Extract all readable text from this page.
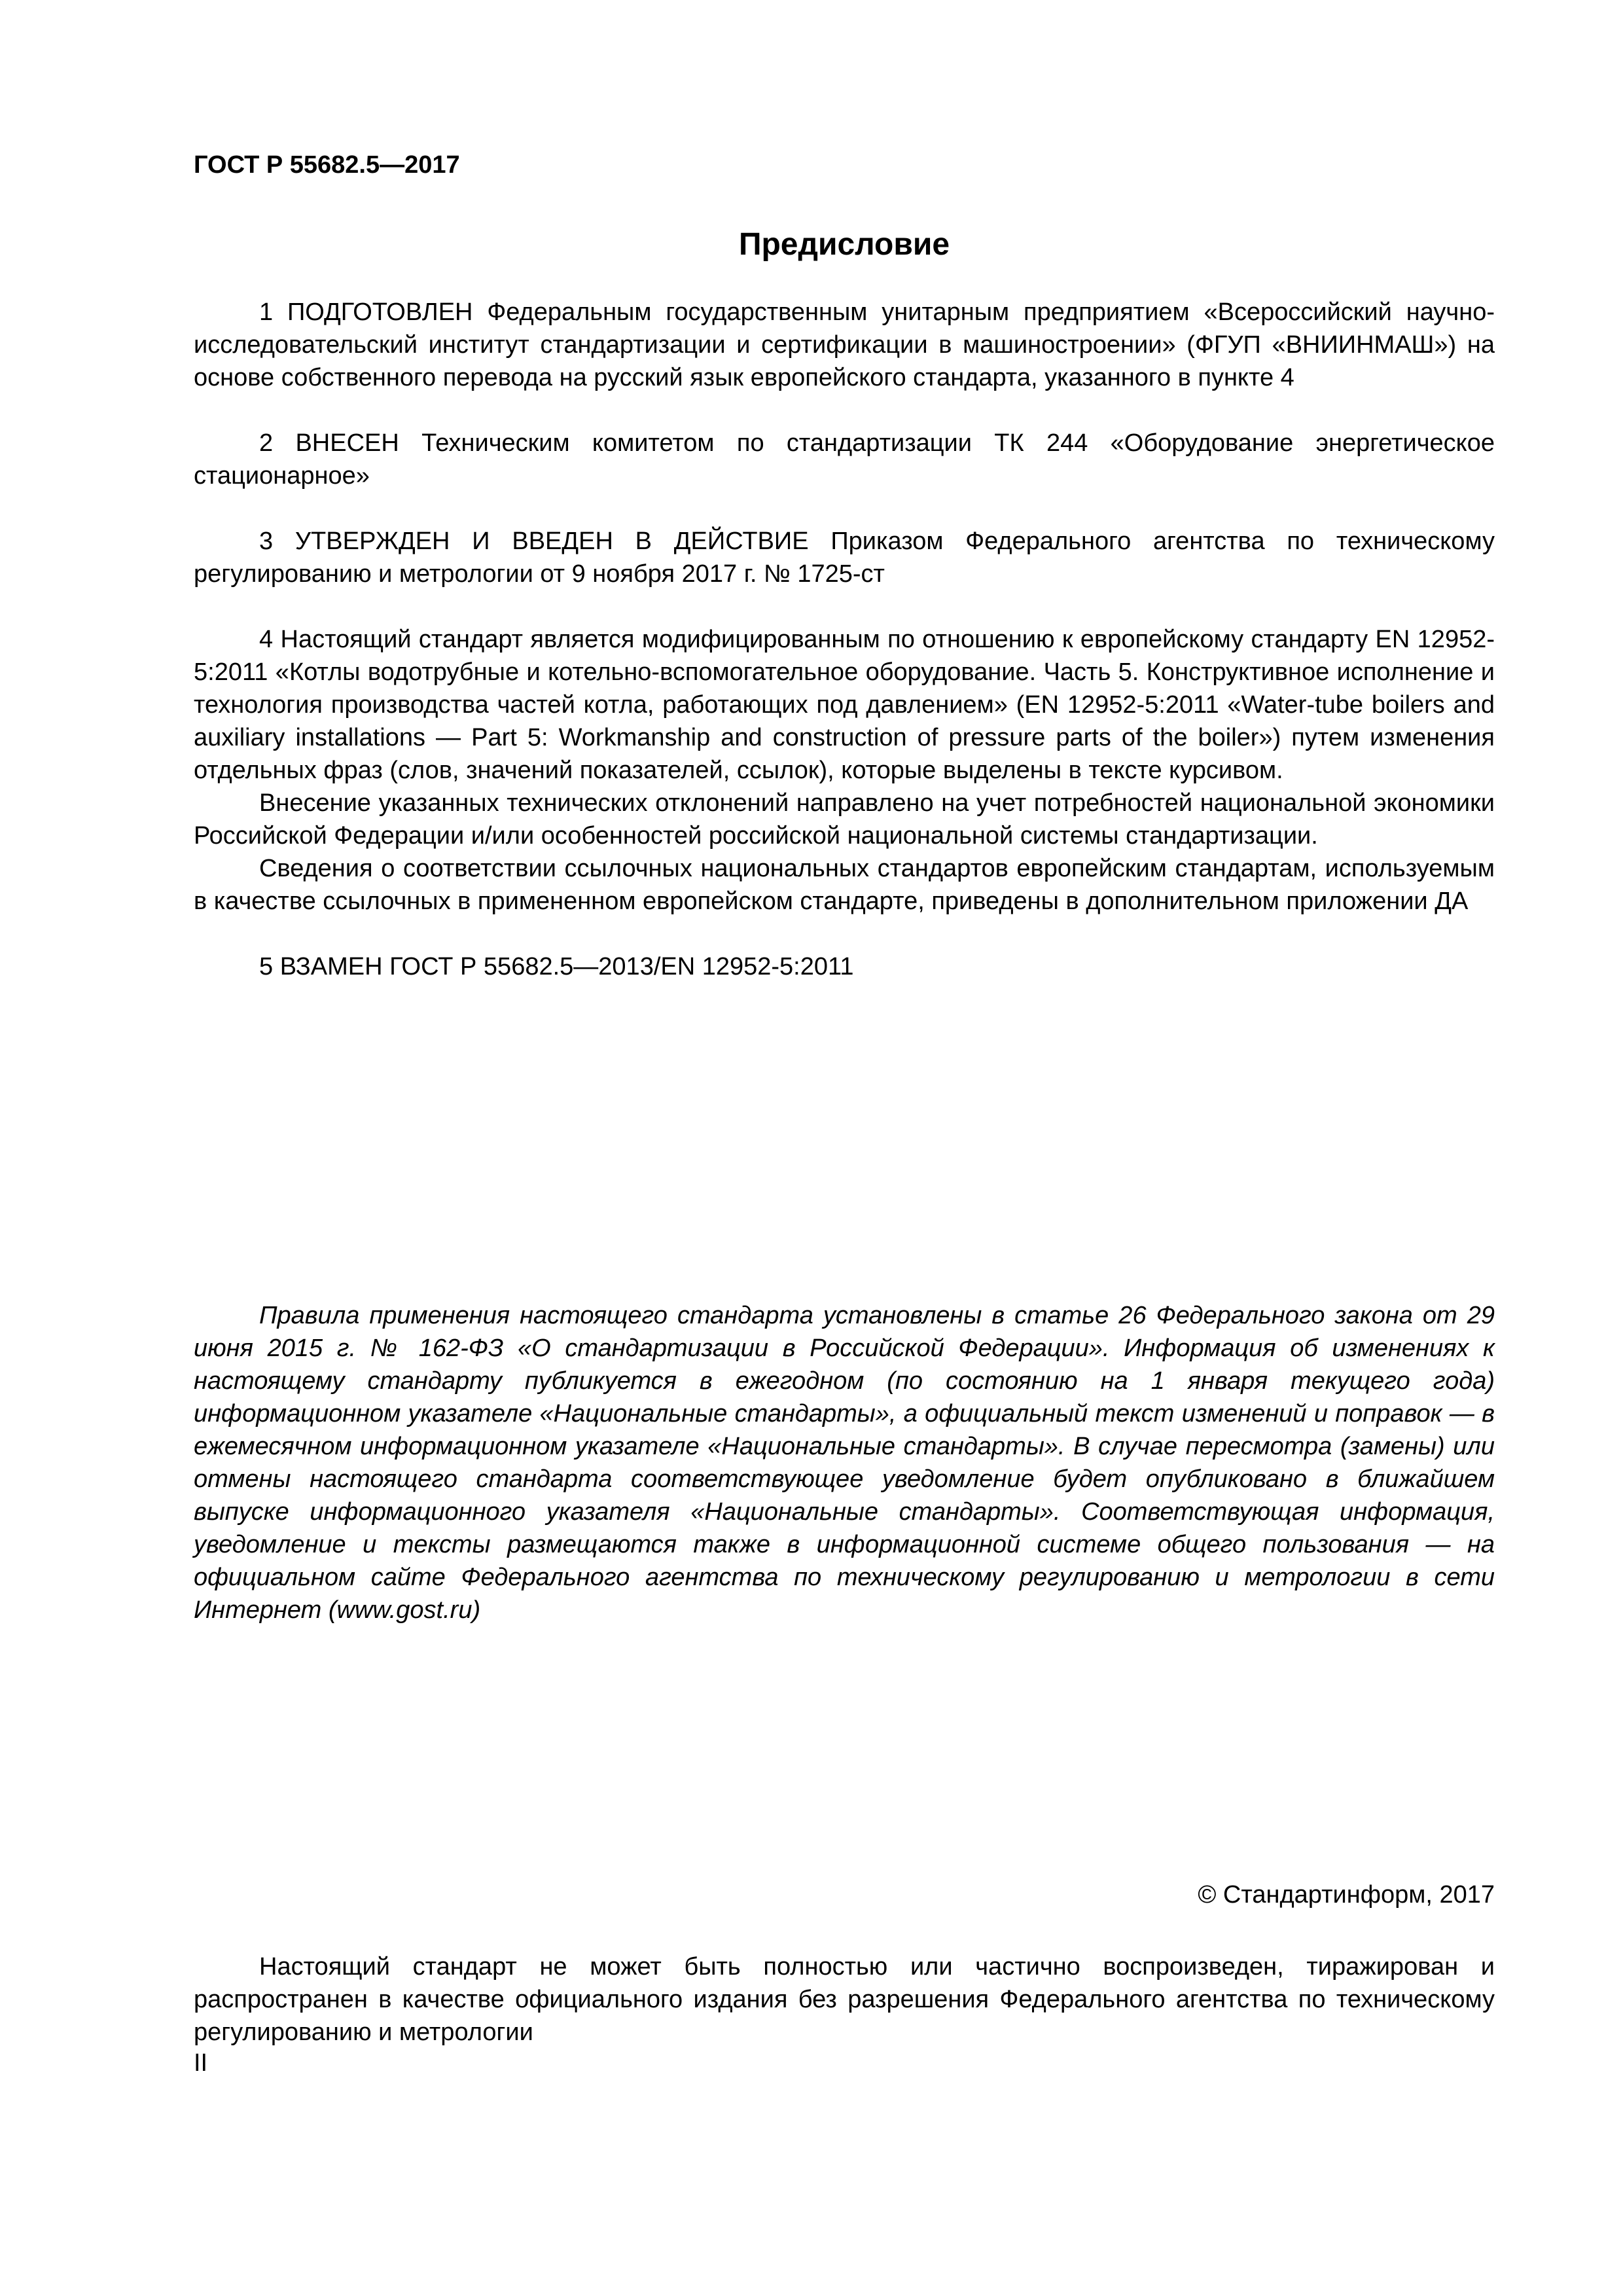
ГОСТ Р 55682.5—2017
Предисловие

1 ПОДГОТОВЛЕН Федеральным государственным унитарным предприятием «Всероссийский научно-исследовательский институт стандартизации и сертификации в машиностроении» (ФГУП «ВНИИНМАШ») на основе собственного перевода на русский язык европейского стандарта, указанного в пункте 4

2 ВНЕСЕН Техническим комитетом по стандартизации ТК 244 «Оборудование энергетическое стационарное»

3 УТВЕРЖДЕН И ВВЕДЕН В ДЕЙСТВИЕ Приказом Федерального агентства по техническому регулированию и метрологии от 9 ноября 2017 г. № 1725-ст

4 Настоящий стандарт является модифицированным по отношению к европейскому стандарту EN 12952-5:2011 «Котлы водотрубные и котельно-вспомогательное оборудование. Часть 5. Конструктивное исполнение и технология производства частей котла, работающих под давлением» (EN 12952-5:2011 «Water-tube boilers and auxiliary installations — Part 5: Workmanship and construction of pressure parts of the boiler») путем изменения отдельных фраз (слов, значений показателей, ссылок), которые выделены в тексте курсивом.

Внесение указанных технических отклонений направлено на учет потребностей национальной экономики Российской Федерации и/или особенностей российской национальной системы стандартизации.

Сведения о соответствии ссылочных национальных стандартов европейским стандартам, используемым в качестве ссылочных в примененном европейском стандарте, приведены в дополнительном приложении ДА

5 ВЗАМЕН ГОСТ Р 55682.5—2013/EN 12952-5:2011

Правила применения настоящего стандарта установлены в статье 26 Федерального закона от 29 июня 2015 г. № 162-ФЗ «О стандартизации в Российской Федерации». Информация об изменениях к настоящему стандарту публикуется в ежегодном (по состоянию на 1 января текущего года) информационном указателе «Национальные стандарты», а официальный текст изменений и поправок — в ежемесячном информационном указателе «Национальные стандарты». В случае пересмотра (замены) или отмены настоящего стандарта соответствующее уведомление будет опубликовано в ближайшем выпуске информационного указателя «Национальные стандарты». Соответствующая информация, уведомление и тексты размещаются также в информационной системе общего пользования — на официальном сайте Федерального агентства по техническому регулированию и метрологии в сети Интернет (www.gost.ru)

© Стандартинформ, 2017

Настоящий стандарт не может быть полностью или частично воспроизведен, тиражирован и распространен в качестве официального издания без разрешения Федерального агентства по техническому регулированию и метрологии

II
